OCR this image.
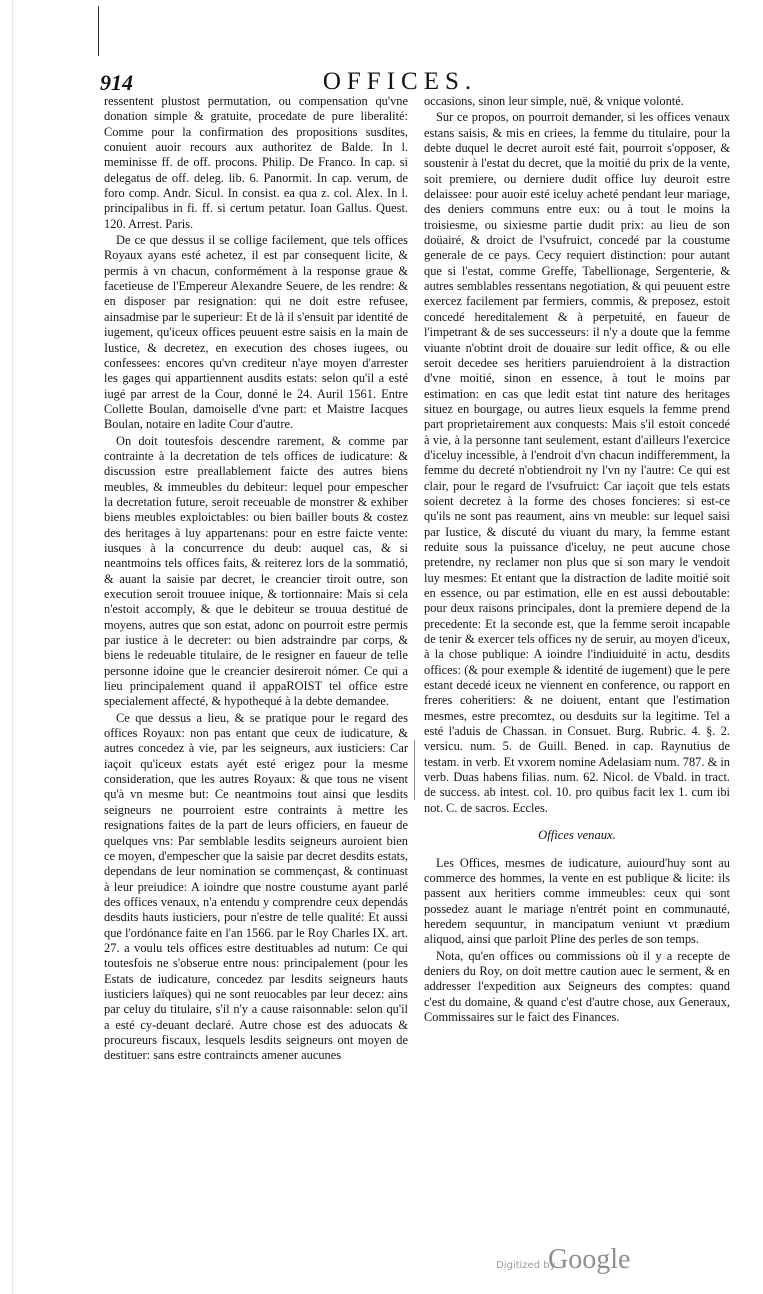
914	OFFICES.

ressentent plustost permutation, ou compensation qu'vne donation simple & gratuite, procedate de pure liberalité: Comme pour la confirmation des propositions susdites, conuient auoir recours aux authoritez de Balde. In l. meminisse ff. de off. procons. Philip. De Franco. In cap. si delegatus de off. deleg. lib. 6. Panormit. In cap. verum, de foro comp. Andr. Sicul. In consist. ea qua z. col. Alex. In l. principalibus in fi. ff. si certum petatur. Ioan Gallus. Quest. 120. Arrest. Paris.

De ce que dessus il se collige facilement, que tels offices Royaux ayans esté achetez, il est par consequent licite, & permis à vn chacun, conformément à la response graue & facetieuse de l'Empereur Alexandre Seuere, de les rendre: & en disposer par resignation: qui ne doit estre refusee, ainsadmise par le superieur: Et de là il s'ensuit par identité de iugement, qu'iceux offices peuuent estre saisis en la main de Iustice, & decretez, en execution des choses iugees, ou confessees: encores qu'vn crediteur n'aye moyen d'arrester les gages qui appartiennent ausdits estats: selon qu'il a esté iugé par arrest de la Cour, donné le 24. Auril 1561. Entre Collette Boulan, damoiselle d'vne part: et Maistre Iacques Boulan, notaire en ladite Cour d'autre.

On doit toutesfois descendre rarement, & comme par contrainte à la decretation de tels offices de iudicature: & discussion estre preallablement faicte des autres biens meubles, & immeubles du debiteur: lequel pour empescher la decretation future, seroit receuable de monstrer & exhiber biens meubles exploictables: ou bien bailler bouts & costez des heritages à luy appartenans: pour en estre faicte vente: iusques à la concurrence du deub: auquel cas, & si neantmoins tels offices faits, & reiterez lors de la sommatió, & auant la saisie par decret, le creancier tiroit outre, son execution seroit trouuee inique, & tortionnaire: Mais si cela n'estoit accomply, & que le debiteur se trouua destitué de moyens, autres que son estat, adonc on pourroit estre permis par iustice à le decreter: ou bien adstraindre par corps, & biens le redeuable titulaire, de le resigner en faueur de telle personne idoine que le creancier desireroit nómer. Ce qui a lieu principalement quand il appaROIST tel office estre specialement affecté, & hypothequé à la debte demandee.

Ce que dessus a lieu, & se pratique pour le regard des offices Royaux: non pas entant que ceux de iudicature, & autres concedez à vie, par les seigneurs, aux iusticiers: Car iaçoit qu'iceux estats ayét esté erigez pour la mesme consideration, que les autres Royaux: & que tous ne visent qu'à vn mesme but: Ce neantmoins tout ainsi que lesdits seigneurs ne pourroient estre contraints à mettre les resignations faites de la part de leurs officiers, en faueur de quelques vns: Par semblable lesdits seigneurs auroient bien ce moyen, d'empescher que la saisie par decret desdits estats, dependans de leur nomination se commençast, & continuast à leur preiudice: A ioindre que nostre coustume ayant parlé des offices venaux, n'a entendu y comprendre ceux dependás desdits hauts iusticiers, pour n'estre de telle qualité: Et aussi que l'ordónance faite en l'an 1566. par le Roy Charles IX. art. 27. a voulu tels offices estre destituables ad nutum: Ce qui toutesfois ne s'obserue entre nous: principalement (pour les Estats de iudicature, concedez par lesdits seigneurs hauts iusticiers laïques) qui ne sont reuocables par leur decez: ains par celuy du titulaire, s'il n'y a cause raisonnable: selon qu'il a esté cy-deuant declaré. Autre chose est des aduocats & procureurs fiscaux, lesquels lesdits seigneurs ont moyen de destituer: sans estre contraincts amener aucunes

occasions, sinon leur simple, nuë, & vnique volonté.

Sur ce propos, on pourroit demander, si les offices venaux estans saisis, & mis en criees, la femme du titulaire, pour la debte duquel le decret auroit esté fait, pourroit s'opposer, & soustenir à l'estat du decret, que la moitié du prix de la vente, soit premiere, ou derniere dudit office luy deuroit estre delaissee: pour auoir esté iceluy acheté pendant leur mariage, des deniers communs entre eux: ou à tout le moins la troisiesme, ou sixiesme partie dudit prix: au lieu de son doüairé, & droict de l'vsufruict, concedé par la coustume generale de ce pays. Cecy requiert distinction: pour autant que si l'estat, comme Greffe, Tabellionage, Sergenterie, & autres semblables ressentans negotiation, & qui peuuent estre exercez facilement par fermiers, commis, & preposez, estoit concedé hereditalement & à perpetuité, en faueur de l'impetrant & de ses successeurs: il n'y a doute que la femme viuante n'obtint droit de douaire sur ledit office, & ou elle seroit decedee ses heritiers paruiendroient à la distraction d'vne moitié, sinon en essence, à tout le moins par estimation: en cas que ledit estat tint nature des heritages situez en bourgage, ou autres lieux esquels la femme prend part proprietairement aux conquests: Mais s'il estoit concedé à vie, à la personne tant seulement, estant d'ailleurs l'exercice d'iceluy incessible, à l'endroit d'vn chacun indifferemment, la femme du decreté n'obtiendroit ny l'vn ny l'autre: Ce qui est clair, pour le regard de l'vsufruict: Car iaçoit que tels estats soient decretez à la forme des choses foncieres: si est-ce qu'ils ne sont pas reaument, ains vn meuble: sur lequel saisi par Iustice, & discuté du viuant du mary, la femme estant reduite sous la puissance d'iceluy, ne peut aucune chose pretendre, ny reclamer non plus que si son mary le vendoit luy mesmes: Et entant que la distraction de ladite moitié soit en essence, ou par estimation, elle en est aussi deboutable: pour deux raisons principales, dont la premiere depend de la precedente: Et la seconde est, que la femme seroit incapable de tenir & exercer tels offices ny de seruir, au moyen d'iceux, à la chose publique: A ioindre l'indiuiduité in actu, desdits offices: (& pour exemple & identité de iugement) que le pere estant decedé iceux ne viennent en conference, ou rapport en freres coheritiers: & ne doiuent, entant que l'estimation mesmes, estre precomtez, ou desduits sur la legitime. Tel a esté l'aduis de Chassan. in Consuet. Burg. Rubric. 4. §. 2. versicu. num. 5. de Guill. Bened. in cap. Raynutius de testam. in verb. Et vxorem nomine Adelasiam num. 787. & in verb. Duas habens filias. num. 62. Nicol. de Vbald. in tract. de success. ab intest. col. 10. pro quibus facit lex 1. cum ibi not. C. de sacros. Eccles.

Offices venaux.

Les Offices, mesmes de iudicature, auiourd'huy sont au commerce des hommes, la vente en est publique & licite: ils passent aux heritiers comme immeubles: ceux qui sont possedez auant le mariage n'entrét point en communauté, heredem sequuntur, in mancipatum veniunt vt prædium aliquod, ainsi que parloit Pline des perles de son temps.

Nota, qu'en offices ou commissions où il y a recepte de deniers du Roy, on doit mettre caution auec le serment, & en addresser l'expedition aux Seigneurs des comptes: quand c'est du domaine, & quand c'est d'autre chose, aux Generaux, Commissaires sur le faict des Finances.

Digitized by
Google
